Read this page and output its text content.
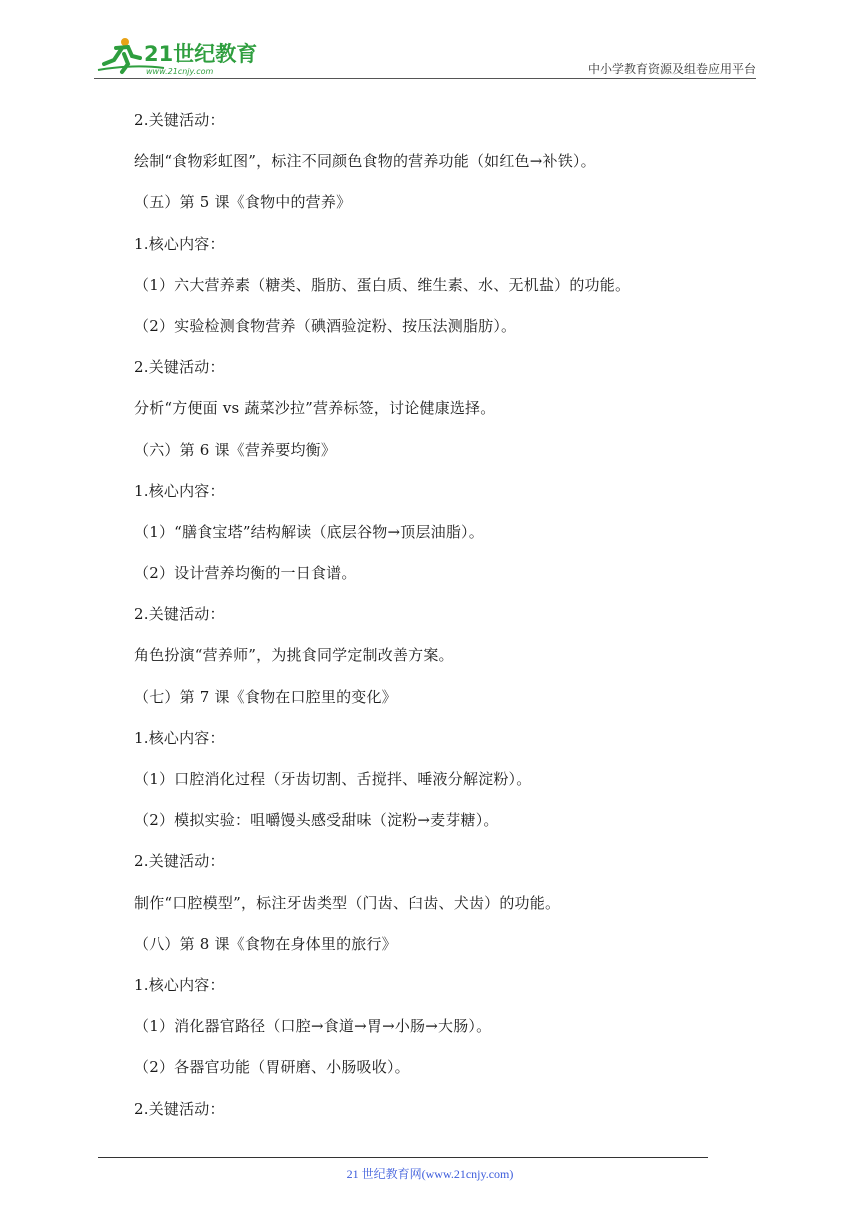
21世纪教育
www.21cnjy.com	中小学教育资源及组卷应用平台
2.关键活动：
绘制“食物彩虹图”，标注不同颜色食物的营养功能（如红色→补铁）。
（五）第 5 课《食物中的营养》
1.核心内容：
（1）六大营养素（糖类、脂肪、蛋白质、维生素、水、无机盐）的功能。
（2）实验检测食物营养（碘酒验淀粉、按压法测脂肪）。
2.关键活动：
分析“方便面 vs 蔬菜沙拉”营养标签，讨论健康选择。
（六）第 6 课《营养要均衡》
1.核心内容：
（1）“膳食宝塔”结构解读（底层谷物→顶层油脂）。
（2）设计营养均衡的一日食谱。
2.关键活动：
角色扮演“营养师”，为挑食同学定制改善方案。
（七）第 7 课《食物在口腔里的变化》
1.核心内容：
（1）口腔消化过程（牙齿切割、舌搅拌、唾液分解淀粉）。
（2）模拟实验：咀嚼馒头感受甜味（淀粉→麦芽糖）。
2.关键活动：
制作“口腔模型”，标注牙齿类型（门齿、臼齿、犬齿）的功能。
（八）第 8 课《食物在身体里的旅行》
1.核心内容：
（1）消化器官路径（口腔→食道→胃→小肠→大肠）。
（2）各器官功能（胃研磨、小肠吸收）。
2.关键活动：
21 世纪教育网(www.21cnjy.com)
